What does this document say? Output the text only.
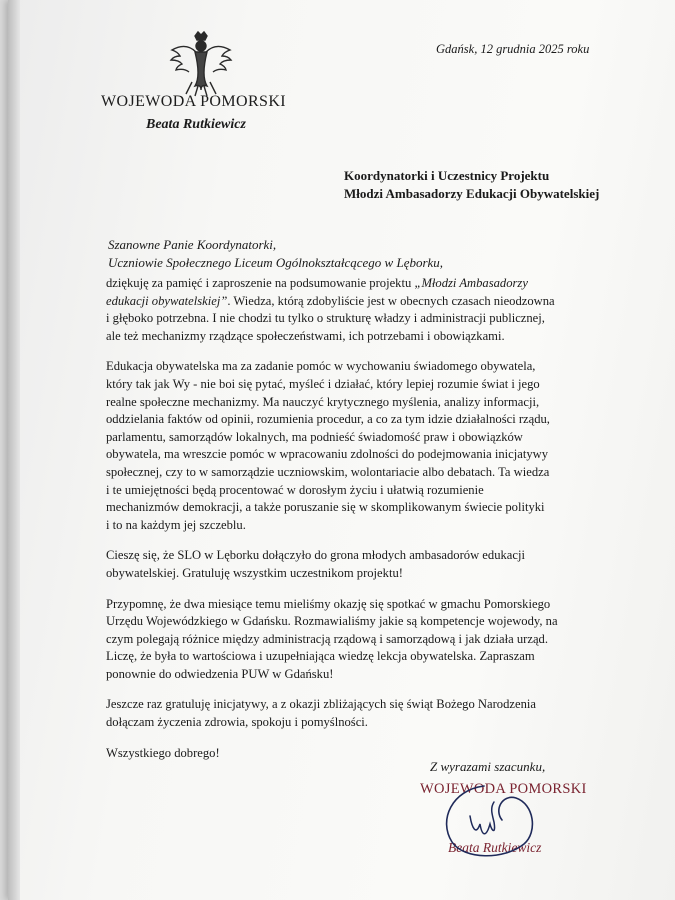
WOJEWODA POMORSKI
Beata Rutkiewicz
Gdańsk, 12 grudnia 2025 roku
Koordynatorki i Uczestnicy Projektu
Młodzi Ambasadorzy Edukacji Obywatelskiej
Szanowne Panie Koordynatorki,
Uczniowie Społecznego Liceum Ogólnokształcącego w Lęborku,

dziękuję za pamięć i zaproszenie na podsumowanie projektu „Młodzi Ambasadorzy
edukacji obywatelskiej”. Wiedza, którą zdobyliście jest w obecnych czasach nieodzowna
i głęboko potrzebna. I nie chodzi tu tylko o strukturę władzy i administracji publicznej,
ale też mechanizmy rządzące społeczeństwami, ich potrzebami i obowiązkami.

Edukacja obywatelska ma za zadanie pomóc w wychowaniu świadomego obywatela,
który tak jak Wy - nie boi się pytać, myśleć i działać, który lepiej rozumie świat i jego
realne społeczne mechanizmy. Ma nauczyć krytycznego myślenia, analizy informacji,
oddzielania faktów od opinii, rozumienia procedur, a co za tym idzie działalności rządu,
parlamentu, samorządów lokalnych, ma podnieść świadomość praw i obowiązków
obywatela, ma wreszcie pomóc w wpracowaniu zdolności do podejmowania inicjatywy
społecznej, czy to w samorządzie uczniowskim, wolontariacie albo debatach. Ta wiedza
i te umiejętności będą procentować w dorosłym życiu i ułatwią rozumienie
mechanizmów demokracji, a także poruszanie się w skomplikowanym świecie polityki
i to na każdym jej szczeblu.

Cieszę się, że SLO w Lęborku dołączyło do grona młodych ambasadorów edukacji
obywatelskiej. Gratuluję wszystkim uczestnikom projektu!

Przypomnę, że dwa miesiące temu mieliśmy okazję się spotkać w gmachu Pomorskiego
Urzędu Wojewódzkiego w Gdańsku. Rozmawialiśmy jakie są kompetencje wojewody, na
czym polegają różnice między administracją rządową i samorządową i jak działa urząd.
Liczę, że była to wartościowa i uzupełniająca wiedzę lekcja obywatelska. Zapraszam
ponownie do odwiedzenia PUW w Gdańsku!

Jeszcze raz gratuluję inicjatywy, a z okazji zbliżających się świąt Bożego Narodzenia
dołączam życzenia zdrowia, spokoju i pomyślności.

Wszystkiego dobrego!

Z wyrazami szacunku,
WOJEWODA POMORSKI
Beata Rutkiewicz
